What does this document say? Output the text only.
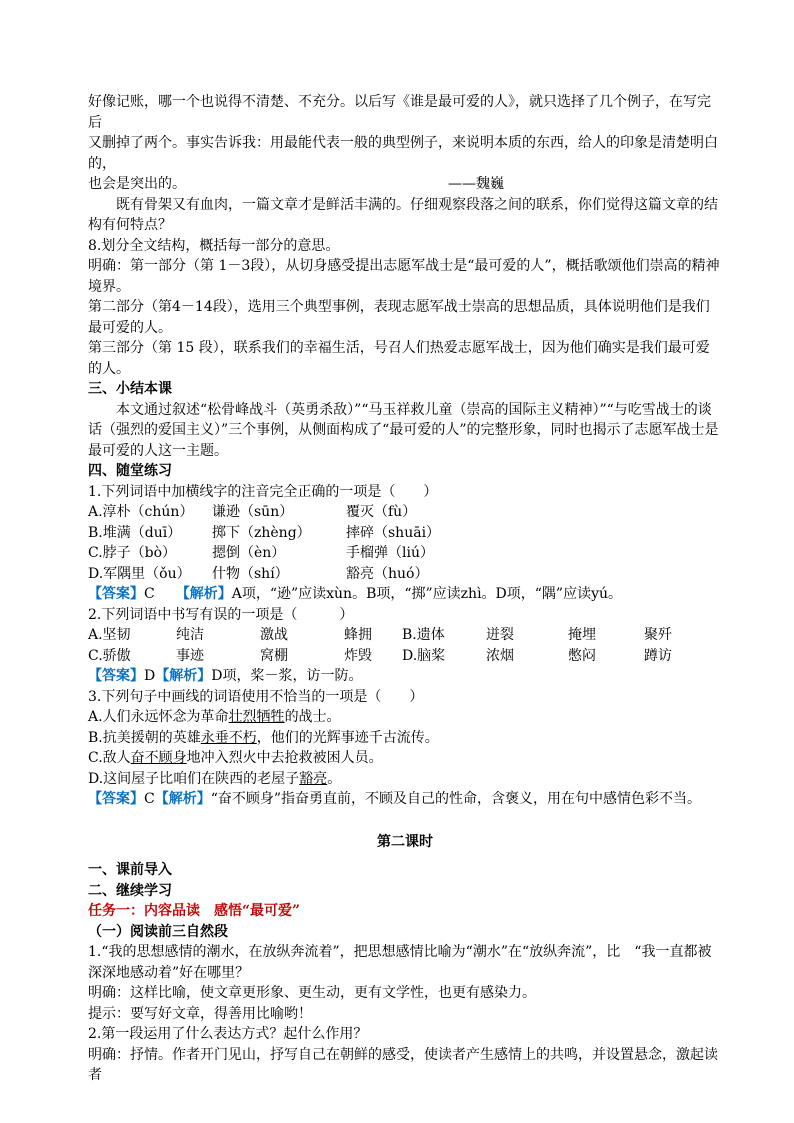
好像记账，哪一个也说得不清楚、不充分。以后写《谁是最可爱的人》，就只选择了几个例子，在写完后

又删掉了两个。事实告诉我：用最能代表一般的典型例子，来说明本质的东西，给人的印象是清楚明白的，

也会是突出的。	——魏巍

既有骨架又有血肉，一篇文章才是鲜活丰满的。仔细观察段落之间的联系，你们觉得这篇文章的结构有何特点？

8.划分全文结构，概括每一部分的意思。

明确：第一部分（第 1－3段），从切身感受提出志愿军战士是“最可爱的人”，概括歌颂他们崇高的精神境界。

第二部分（第4－14段），选用三个典型事例，表现志愿军战士崇高的思想品质，具体说明他们是我们最可爱的人。

第三部分（第 15 段），联系我们的幸福生活，号召人们热爱志愿军战士，因为他们确实是我们最可爱的人。

三、小结本课

本文通过叙述“松骨峰战斗（英勇杀敌）”“马玉祥救儿童（崇高的国际主义精神）”“与吃雪战士的谈话（强烈的爱国主义）”三个事例，从侧面构成了“最可爱的人”的完整形象，同时也揭示了志愿军战士是最可爱的人这一主题。

四、随堂练习

1.下列词语中加横线字的注音完全正确的一项是（　　）

A.淳朴（chún） 谦逊（sūn）	覆灭（fù）

B.堆满（duī） 掷下（zhèng）	摔碎（shuāi）

C.脖子（bò）	摁倒（èn）	手榴弹（liú）

D.军隅里（ǒu） 什物（shí）	豁亮（huó）

【答案】C　　 【解析】A项，“逊”应读xùn。B项，“掷”应读zhì。D项，“隅”应读yú。

2.下列词语中书写有误的一项是（　　　）

A.坚韧	纯洁	激战	蜂拥	B.遗体	迸裂	掩埋	聚歼
C.骄傲	事迹	窝棚	炸毁	D.脑桨	浓烟	憋闷	蹲访

【答案】D【解析】D项，桨－浆，访一防。

3.下列句子中画线的词语使用不恰当的一项是（　　）

A.人们永远怀念为革命壮烈牺牲的战士。

B.抗美援朝的英雄永垂不朽，他们的光辉事迹千古流传。

C.敌人奋不顾身地冲入烈火中去抢救被困人员。

D.这间屋子比咱们在陕西的老屋子豁亮。

【答案】C【解析】“奋不顾身”指奋勇直前，不顾及自己的性命，含褒义，用在句中感情色彩不当。

第二课时

一、课前导入

二、继续学习

任务一：内容品读　感悟“最可爱”

（一）阅读前三自然段

1.“我的思想感情的潮水，在放纵奔流着”，把思想感情比喻为“潮水”在“放纵奔流”，比　“我一直都被深深地感动着”好在哪里？

明确：这样比喻，使文章更形象、更生动，更有文学性，也更有感染力。

提示：要写好文章，得善用比喻哟！

2.第一段运用了什么表达方式？起什么作用？

明确：抒情。作者开门见山，抒写自己在朝鲜的感受，使读者产生感情上的共鸣，并设置悬念，激起读者
